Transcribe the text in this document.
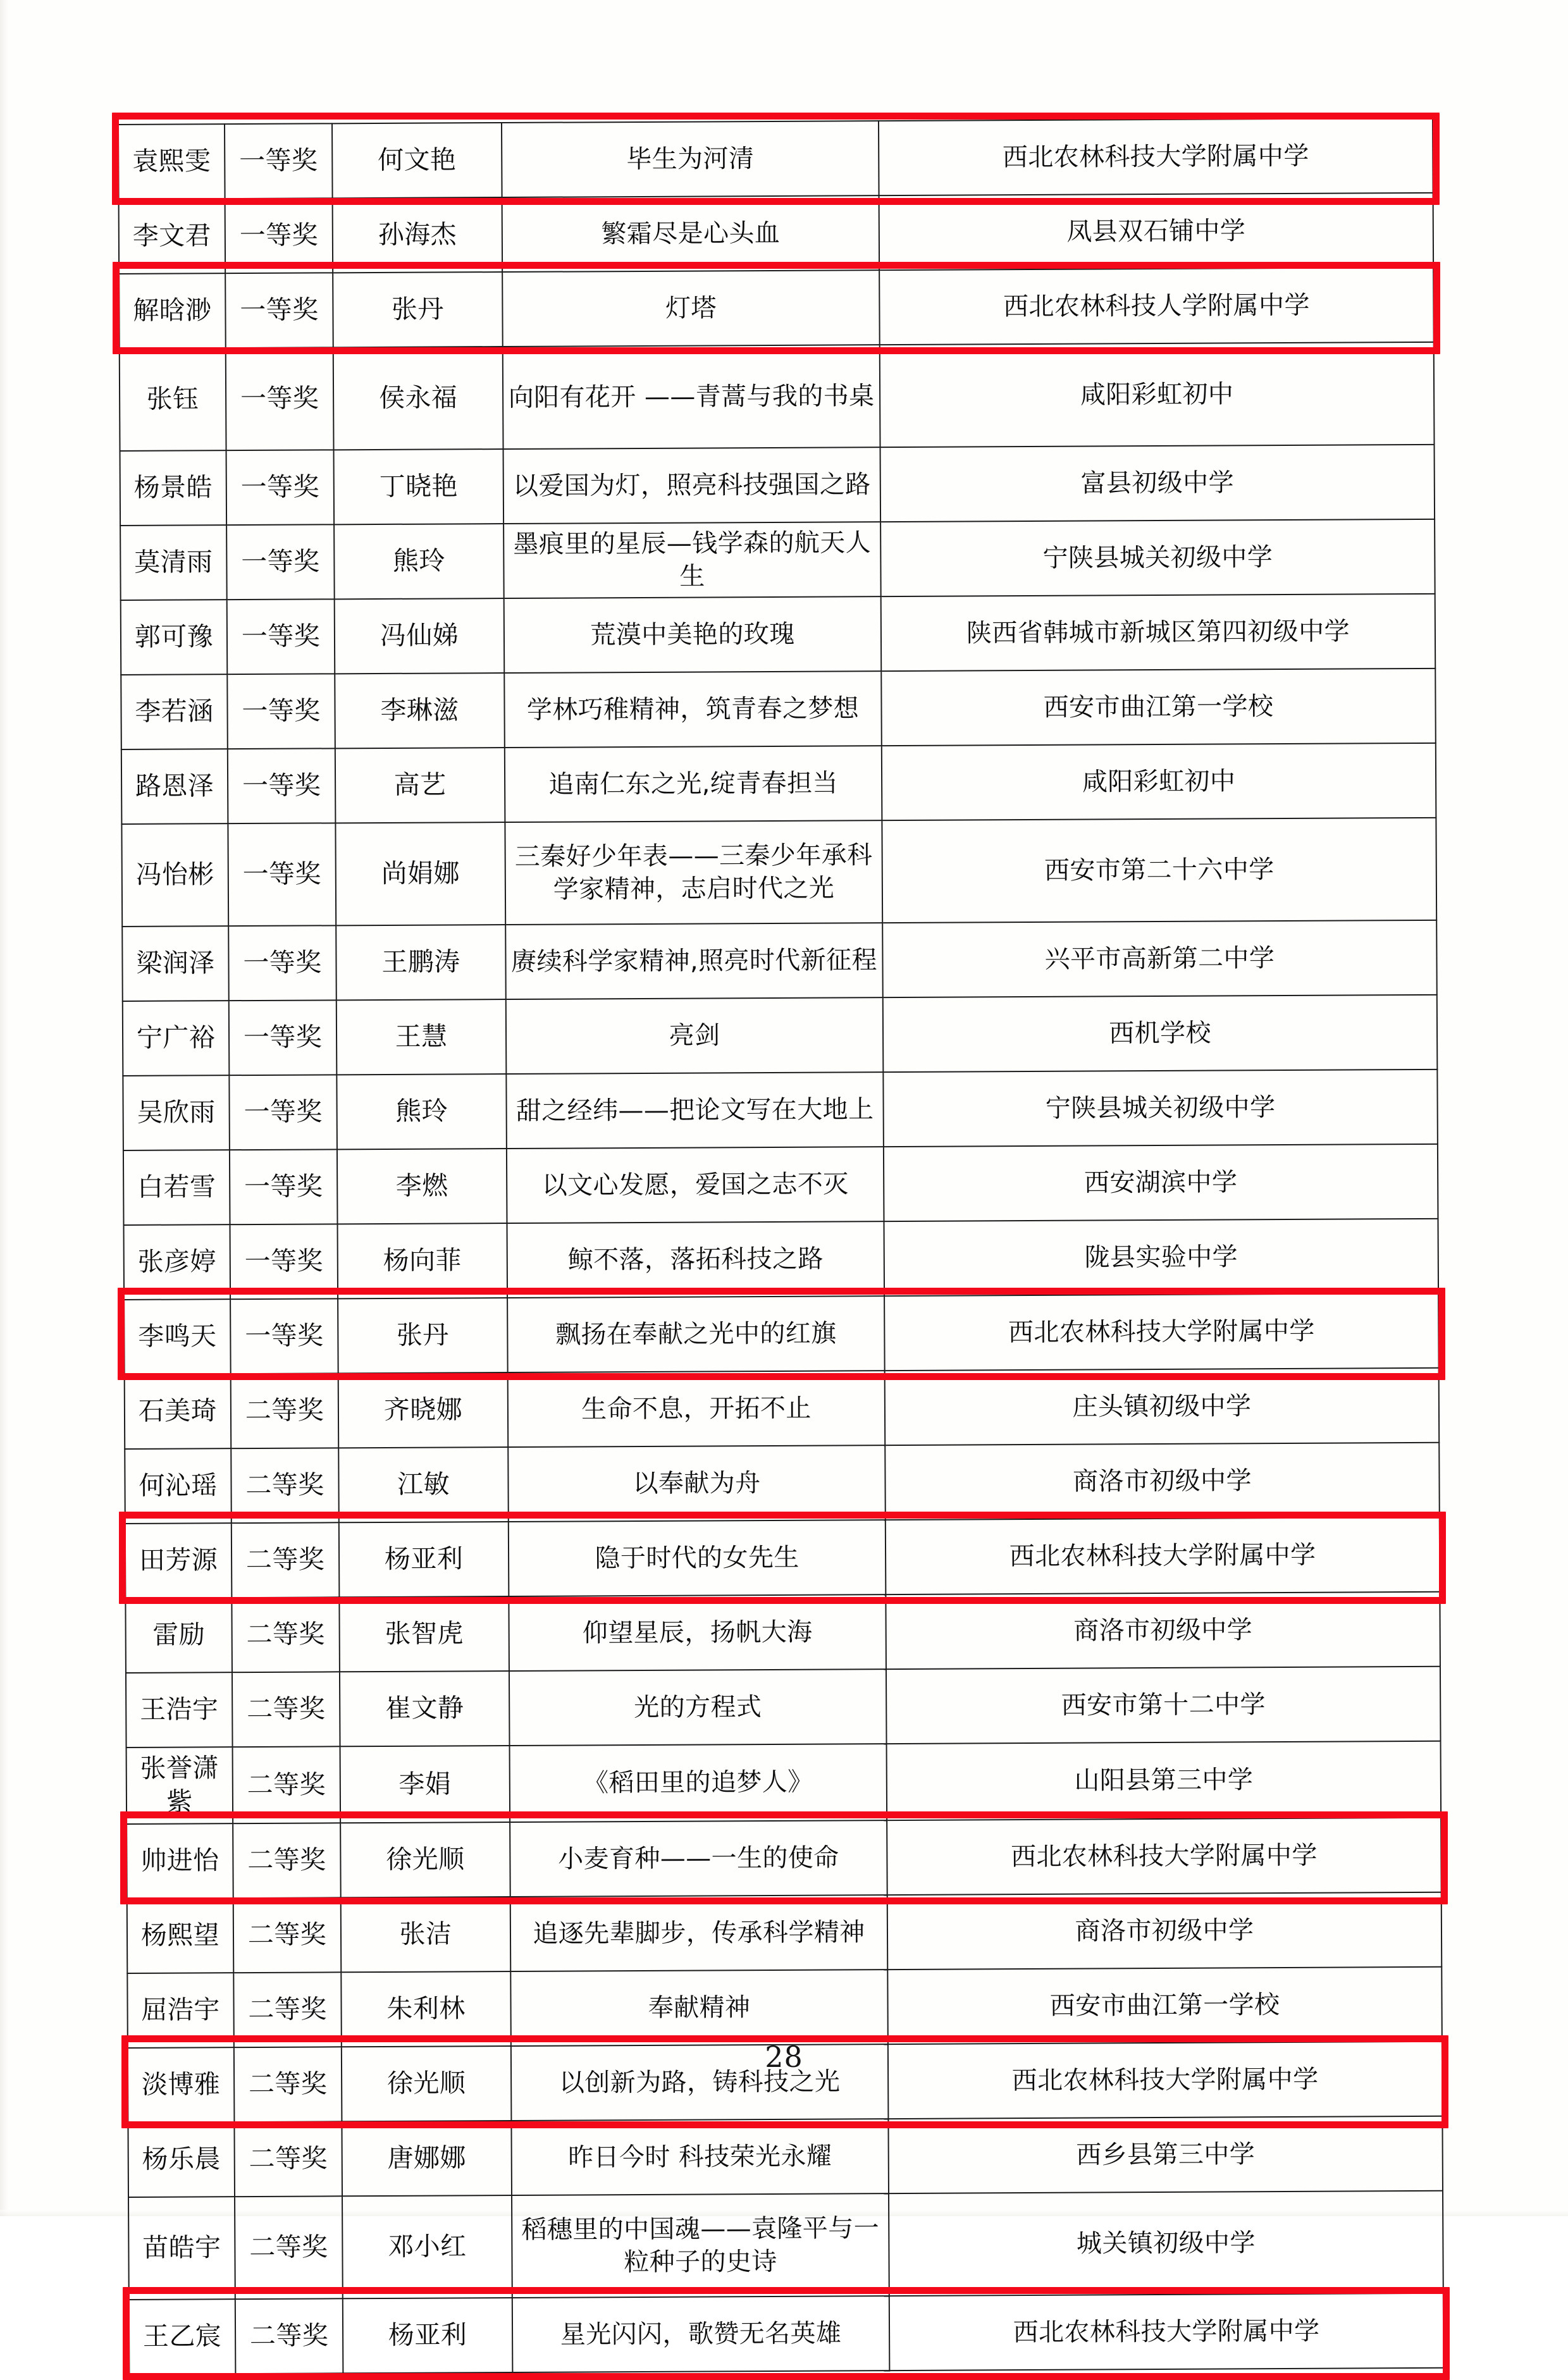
袁熙雯	一等奖	何文艳	毕生为河清	西北农林科技大学附属中学
李文君	一等奖	孙海杰	繁霜尽是心头血	凤县双石铺中学
解晗渺	一等奖	张丹	灯塔	西北农林科技人学附属中学
张钰	一等奖	侯永福	向阳有花开 ——青蒿与我的书桌	咸阳彩虹初中
杨景皓	一等奖	丁晓艳	以爱国为灯，照亮科技强国之路	富县初级中学
莫清雨	一等奖	熊玲	墨痕里的星辰—钱学森的航天人生	宁陕县城关初级中学
郭可豫	一等奖	冯仙娣	荒漠中美艳的玫瑰	陕西省韩城市新城区第四初级中学
李若涵	一等奖	李琳滋	学林巧稚精神，筑青春之梦想	西安市曲江第一学校
路恩泽	一等奖	高艺	追南仁东之光,绽青春担当	咸阳彩虹初中
冯怡彬	一等奖	尚娟娜	三秦好少年表——三秦少年承科学家精神，志启时代之光	西安市第二十六中学
梁润泽	一等奖	王鹏涛	赓续科学家精神,照亮时代新征程	兴平市高新第二中学
宁广裕	一等奖	王慧	亮剑	西机学校
吴欣雨	一等奖	熊玲	甜之经纬——把论文写在大地上	宁陕县城关初级中学
白若雪	一等奖	李燃	以文心发愿，爱国之志不灭	西安湖滨中学
张彦婷	一等奖	杨向菲	鲸不落，落拓科技之路	陇县实验中学
李鸣天	一等奖	张丹	飘扬在奉献之光中的红旗	西北农林科技大学附属中学
石美琦	二等奖	齐晓娜	生命不息，开拓不止	庄头镇初级中学
何沁瑶	二等奖	江敏	以奉献为舟	商洛市初级中学
田芳源	二等奖	杨亚利	隐于时代的女先生	西北农林科技大学附属中学
雷励	二等奖	张智虎	仰望星辰，扬帆大海	商洛市初级中学
王浩宇	二等奖	崔文静	光的方程式	西安市第十二中学
张誉潇紫	二等奖	李娟	《稻田里的追梦人》	山阳县第三中学
帅进怡	二等奖	徐光顺	小麦育种——一生的使命	西北农林科技大学附属中学
杨熙望	二等奖	张洁	追逐先辈脚步，传承科学精神	商洛市初级中学
屈浩宇	二等奖	朱利林	奉献精神	西安市曲江第一学校
淡博雅	二等奖	徐光顺	以创新为路，铸科技之光	西北农林科技大学附属中学
杨乐晨	二等奖	唐娜娜	昨日今时 科技荣光永耀	西乡县第三中学
苗皓宇	二等奖	邓小红	稻穗里的中国魂——袁隆平与一粒种子的史诗	城关镇初级中学
王乙宸	二等奖	杨亚利	星光闪闪，歌赞无名英雄	西北农林科技大学附属中学
28
